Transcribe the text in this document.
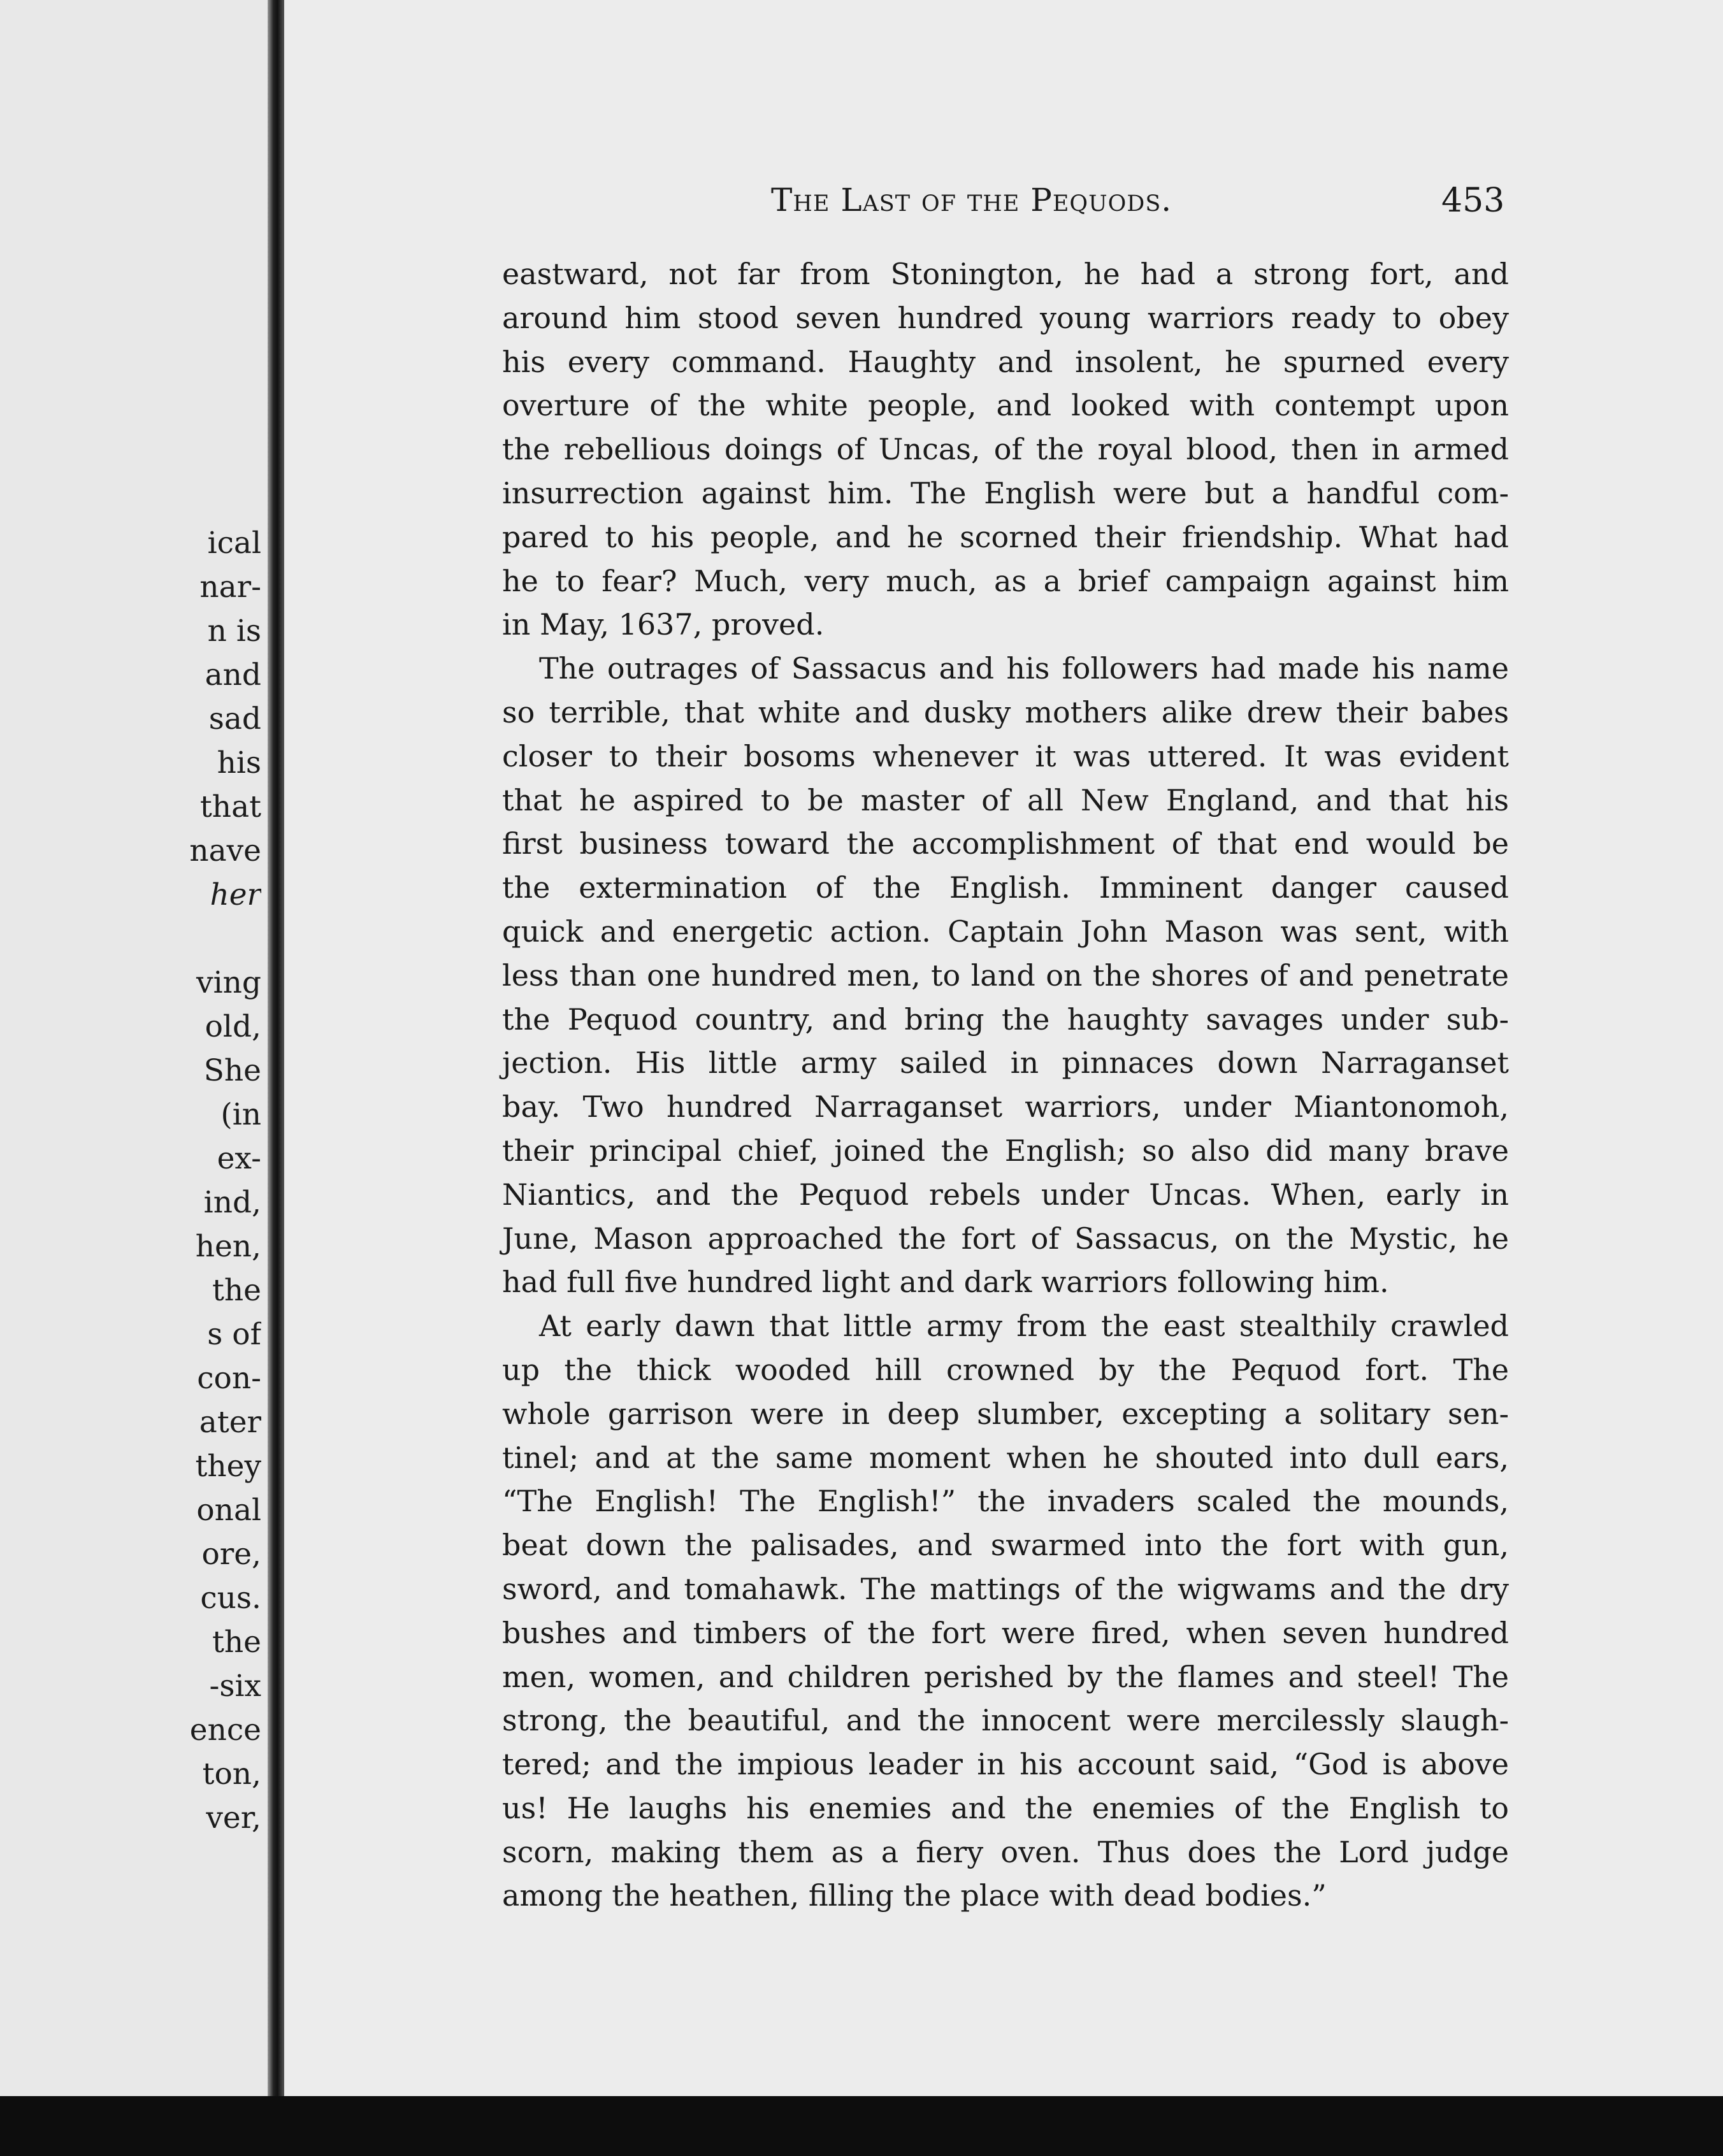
ical
nar-
n is
and
sad
his
that
nave
her
ving
old,
She
(in
ex-
ind,
hen,
the
s of
con-
ater
they
onal
ore,
cus.
the
-six
ence
ton,
ver,
The Last of the Pequods.	453

eastward, not far from Stonington, he had a strong fort, and
around him stood seven hundred young warriors ready to obey
his every command. Haughty and insolent, he spurned every
overture of the white people, and looked with contempt upon
the rebellious doings of Uncas, of the royal blood, then in armed
insurrection against him. The English were but a handful com-
pared to his people, and he scorned their friendship. What had
he to fear? Much, very much, as a brief campaign against him
in May, 1637, proved.

The outrages of Sassacus and his followers had made his name
so terrible, that white and dusky mothers alike drew their babes
closer to their bosoms whenever it was uttered. It was evident
that he aspired to be master of all New England, and that his
first business toward the accomplishment of that end would be
the extermination of the English. Imminent danger caused
quick and energetic action. Captain John Mason was sent, with
less than one hundred men, to land on the shores of and penetrate
the Pequod country, and bring the haughty savages under sub-
jection. His little army sailed in pinnaces down Narraganset
bay. Two hundred Narraganset warriors, under Miantonomoh,
their principal chief, joined the English; so also did many brave
Niantics, and the Pequod rebels under Uncas. When, early in
June, Mason approached the fort of Sassacus, on the Mystic, he
had full five hundred light and dark warriors following him.

At early dawn that little army from the east stealthily crawled
up the thick wooded hill crowned by the Pequod fort. The
whole garrison were in deep slumber, excepting a solitary sen-
tinel; and at the same moment when he shouted into dull ears,
“The English! The English!” the invaders scaled the mounds,
beat down the palisades, and swarmed into the fort with gun,
sword, and tomahawk. The mattings of the wigwams and the dry
bushes and timbers of the fort were fired, when seven hundred
men, women, and children perished by the flames and steel! The
strong, the beautiful, and the innocent were mercilessly slaugh-
tered; and the impious leader in his account said, “God is above
us! He laughs his enemies and the enemies of the English to
scorn, making them as a fiery oven. Thus does the Lord judge
among the heathen, filling the place with dead bodies.”
